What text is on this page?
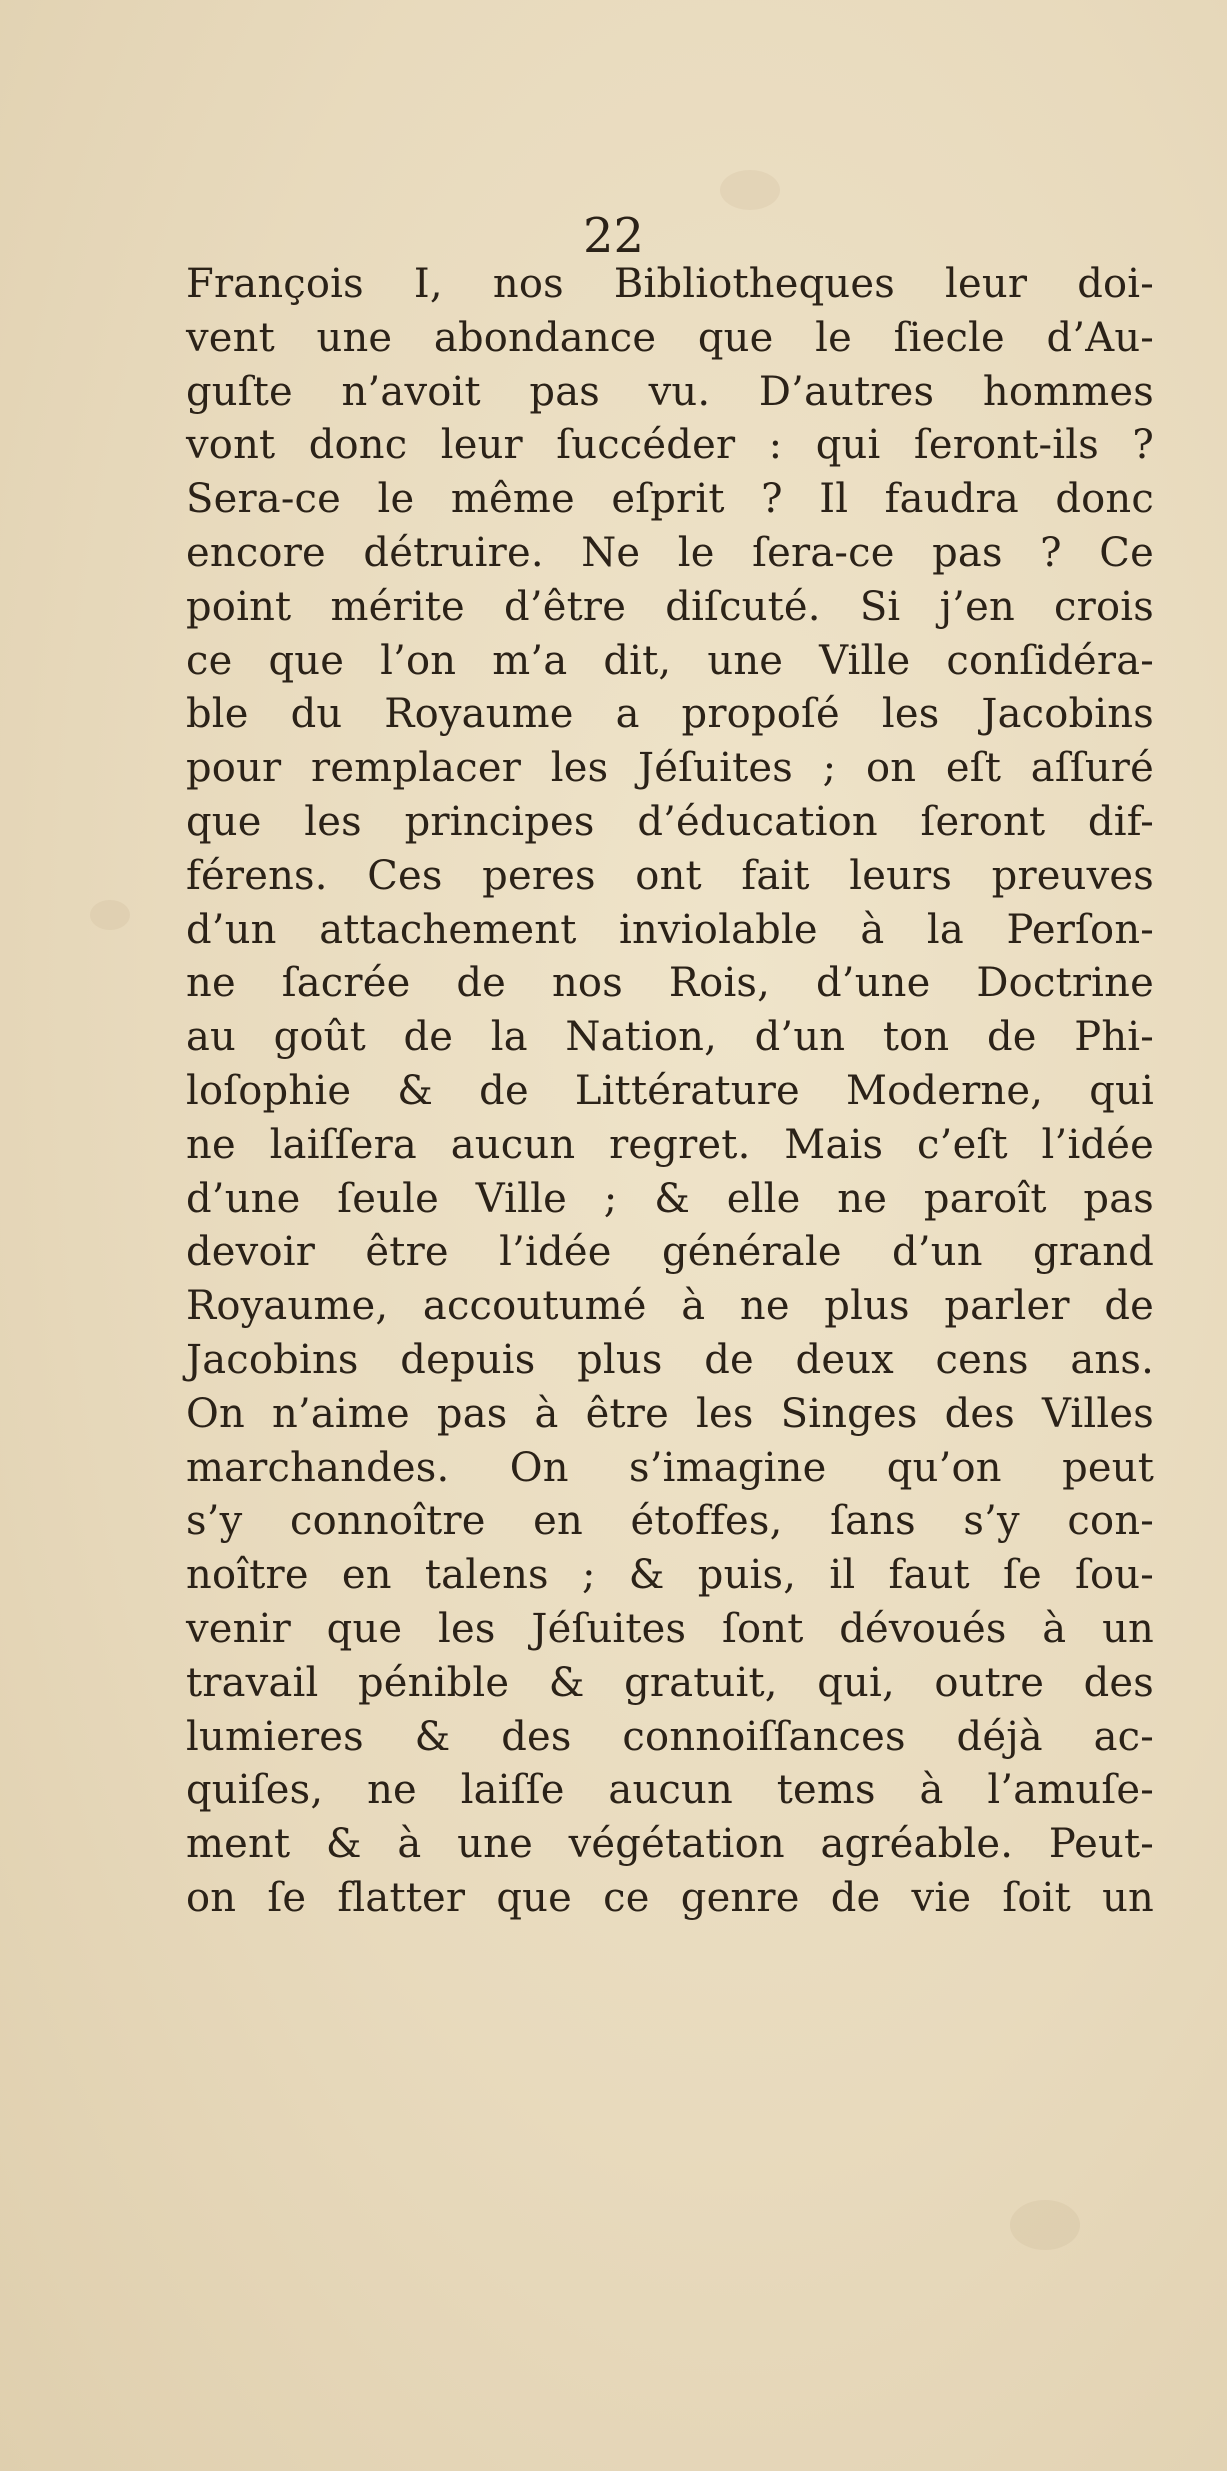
22
François I, nos Bibliotheques leur doi-
vent une abondance que le ſiecle d’Au-
guſte n’avoit pas vu. D’autres hommes
vont donc leur ſuccéder : qui ſeront-ils ?
Sera-ce le même eſprit ? Il faudra donc
encore détruire. Ne le ſera-ce pas ? Ce
point mérite d’être diſcuté. Si j’en crois
ce que l’on m’a dit, une Ville conſidéra-
ble du Royaume a propoſé les Jacobins
pour remplacer les Jéſuites ; on eſt aſſuré
que les principes d’éducation ſeront dif-
férens. Ces peres ont fait leurs preuves
d’un attachement inviolable à la Perſon-
ne ſacrée de nos Rois, d’une Doctrine
au goût de la Nation, d’un ton de Phi-
loſophie & de Littérature Moderne, qui
ne laiſſera aucun regret. Mais c’eſt l’idée
d’une ſeule Ville ; & elle ne paroît pas
devoir être l’idée générale d’un grand
Royaume, accoutumé à ne plus parler de
Jacobins depuis plus de deux cens ans.
On n’aime pas à être les Singes des Villes
marchandes. On s’imagine qu’on peut
s’y connoître en étoffes, ſans s’y con-
noître en talens ; & puis, il faut ſe ſou-
venir que les Jéſuites ſont dévoués à un
travail pénible & gratuit, qui, outre des
lumieres & des connoiſſances déjà ac-
quiſes, ne laiſſe aucun tems à l’amuſe-
ment & à une végétation agréable. Peut-
on ſe flatter que ce genre de vie ſoit un
